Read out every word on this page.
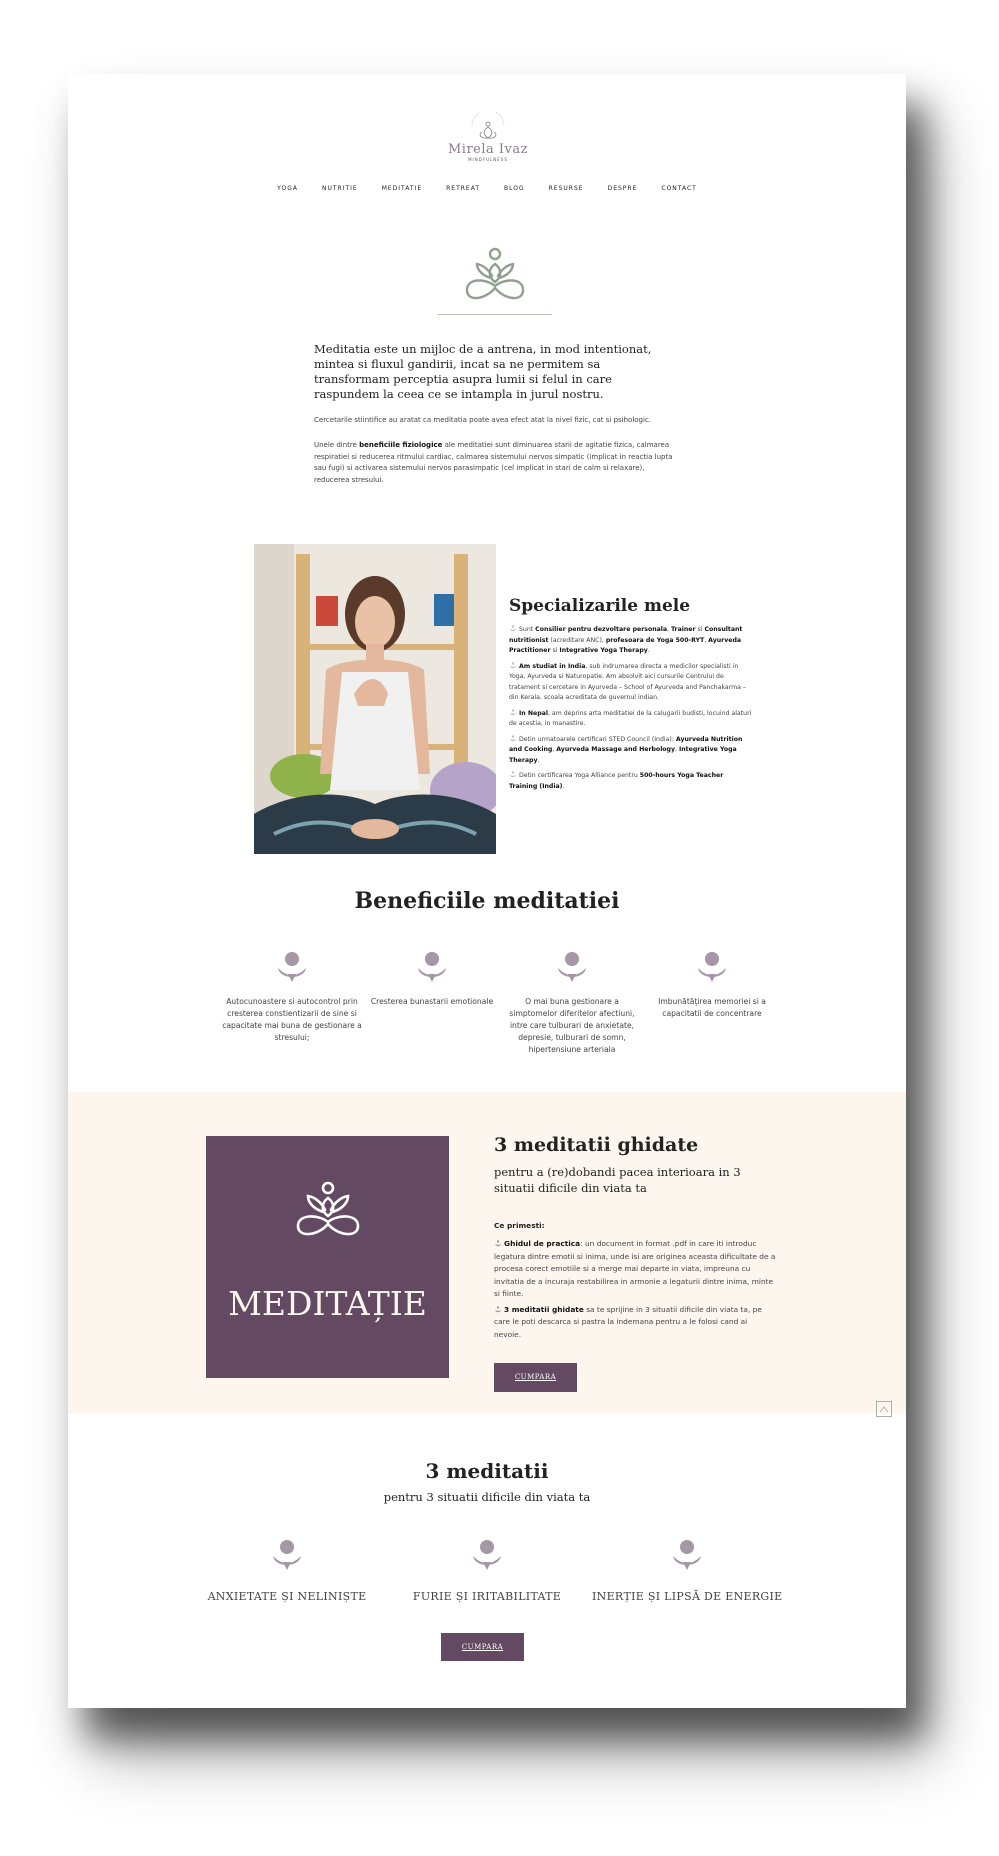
Mirela Ivaz
MINDFULNESS
YOGA	NUTRITIE	MEDITATIE	RETREAT	BLOG	RESURSE	DESPRE	CONTACT

Meditatia este un mijloc de a antrena, in mod intentionat, mintea si fluxul gandirii, incat sa ne permitem sa transformam perceptia asupra lumii si felul in care raspundem la ceea ce se intampla in jurul nostru.

Cercetarile stiintifice au aratat ca meditatia poate avea efect atat la nivel fizic, cat si psihologic.

Unele dintre beneficiile fiziologice ale meditatiei sunt diminuarea starii de agitatie fizica, calmarea respiratiei si reducerea ritmului cardiac, calmarea sistemului nervos simpatic (implicat in reactia lupta sau fugi) si activarea sistemului nervos parasimpatic (cel implicat in stari de calm si relaxare), reducerea stresului.

Specializarile mele

Sunt Consilier pentru dezvoltare personala, Trainer si Consultant nutritionist (acreditare ANC), profesoara de Yoga 500-RYT, Ayurveda Practitioner si Integrative Yoga Therapy.

Am studiat in India, sub indrumarea directa a medicilor specialisti in Yoga, Ayurveda si Naturopatie. Am absolvit aici cursurile Centrului de tratament si cercetare in Ayurveda – School of Ayurveda and Panchakarma – din Kerala, scoala acreditata de guvernul indian.

In Nepal, am deprins arta meditatiei de la calugarii budisti, locuind alaturi de acestia, in manastire.

Detin urmatoarele certificari STED Council (India): Ayurveda Nutrition and Cooking, Ayurveda Massage and Herbology, Integrative Yoga Therapy.

Detin certificarea Yoga Alliance pentru 500-hours Yoga Teacher Training (India).

Beneficiile meditatiei

Autocunoastere si autocontrol prin cresterea constientizarii de sine si capacitate mai buna de gestionare a stresului;

Cresterea bunastarii emotionale	O mai buna gestionare a simptomelor diferitelor afectiuni, intre care tulburari de anxietate, depresie, tulburari de somn, hipertensiune arteriala

Imbunătățirea memoriei si a capacitatii de concentrare

MEDITAȚIE
3 meditatii ghidate

pentru a (re)dobandi pacea interioara in 3 situatii dificile din viata ta

Ce primesti:

Ghidul de practica: un document in format .pdf in care iti introduc legatura dintre emotii si inima, unde isi are originea aceasta dificultate de a procesa corect emotiile si a merge mai departe in viata, impreuna cu invitatia de a incuraja restabilirea in armonie a legaturii dintre inima, minte si fiinte.

3 meditatii ghidate sa te sprijine in 3 situatii dificile din viata ta, pe care le poti descarca si pastra la indemana pentru a le folosi cand ai nevoie.

CUMPARA
3 meditatii

pentru 3 situatii dificile din viata ta

ANXIETATE ȘI NELINIȘTE	FURIE ȘI IRITABILITATE	INERȚIE ȘI LIPSĂ DE ENERGIE

CUMPARA
